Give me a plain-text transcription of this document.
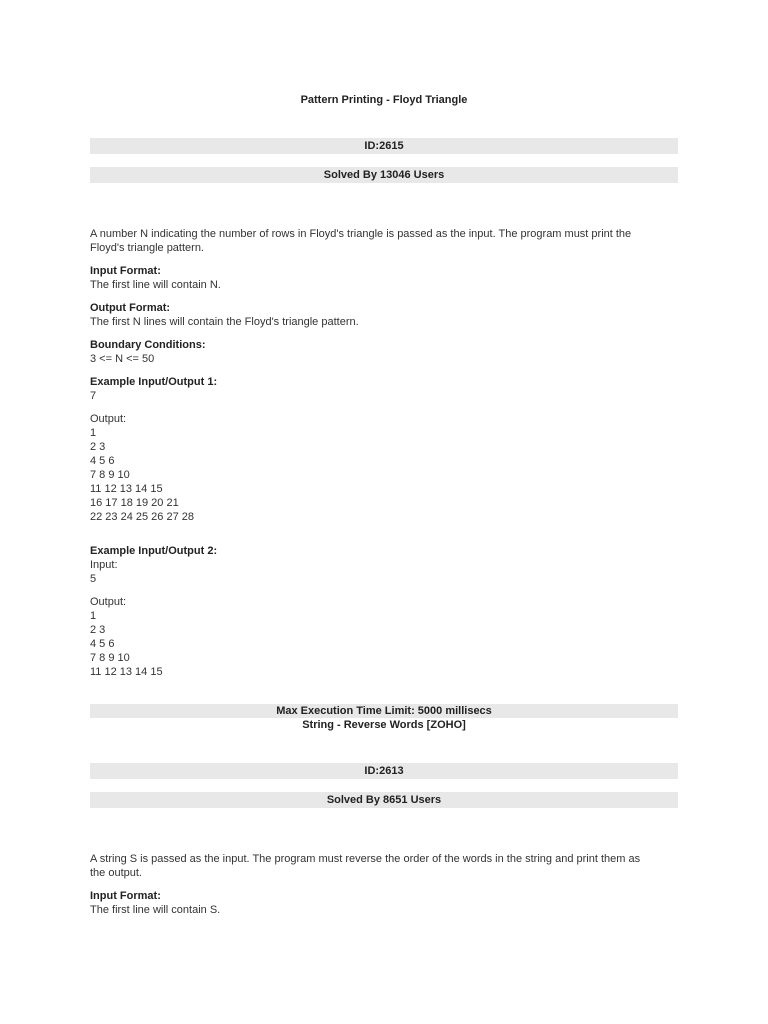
Pattern Printing - Floyd Triangle
ID:2615
Solved By 13046 Users
A number N indicating the number of rows in Floyd's triangle is passed as the input. The program must print the
Floyd's triangle pattern.
Input Format:
The first line will contain N.
Output Format:
The first N lines will contain the Floyd's triangle pattern.
Boundary Conditions:
3 <= N <= 50
Example Input/Output 1:
7
Output:
1
2 3
4 5 6
7 8 9 10
11 12 13 14 15
16 17 18 19 20 21
22 23 24 25 26 27 28
Example Input/Output 2:
Input:
5
Output:
1
2 3
4 5 6
7 8 9 10
11 12 13 14 15
Max Execution Time Limit: 5000 millisecs
String - Reverse Words [ZOHO]
ID:2613
Solved By 8651 Users
A string S is passed as the input. The program must reverse the order of the words in the string and print them as
the output.
Input Format:
The first line will contain S.
